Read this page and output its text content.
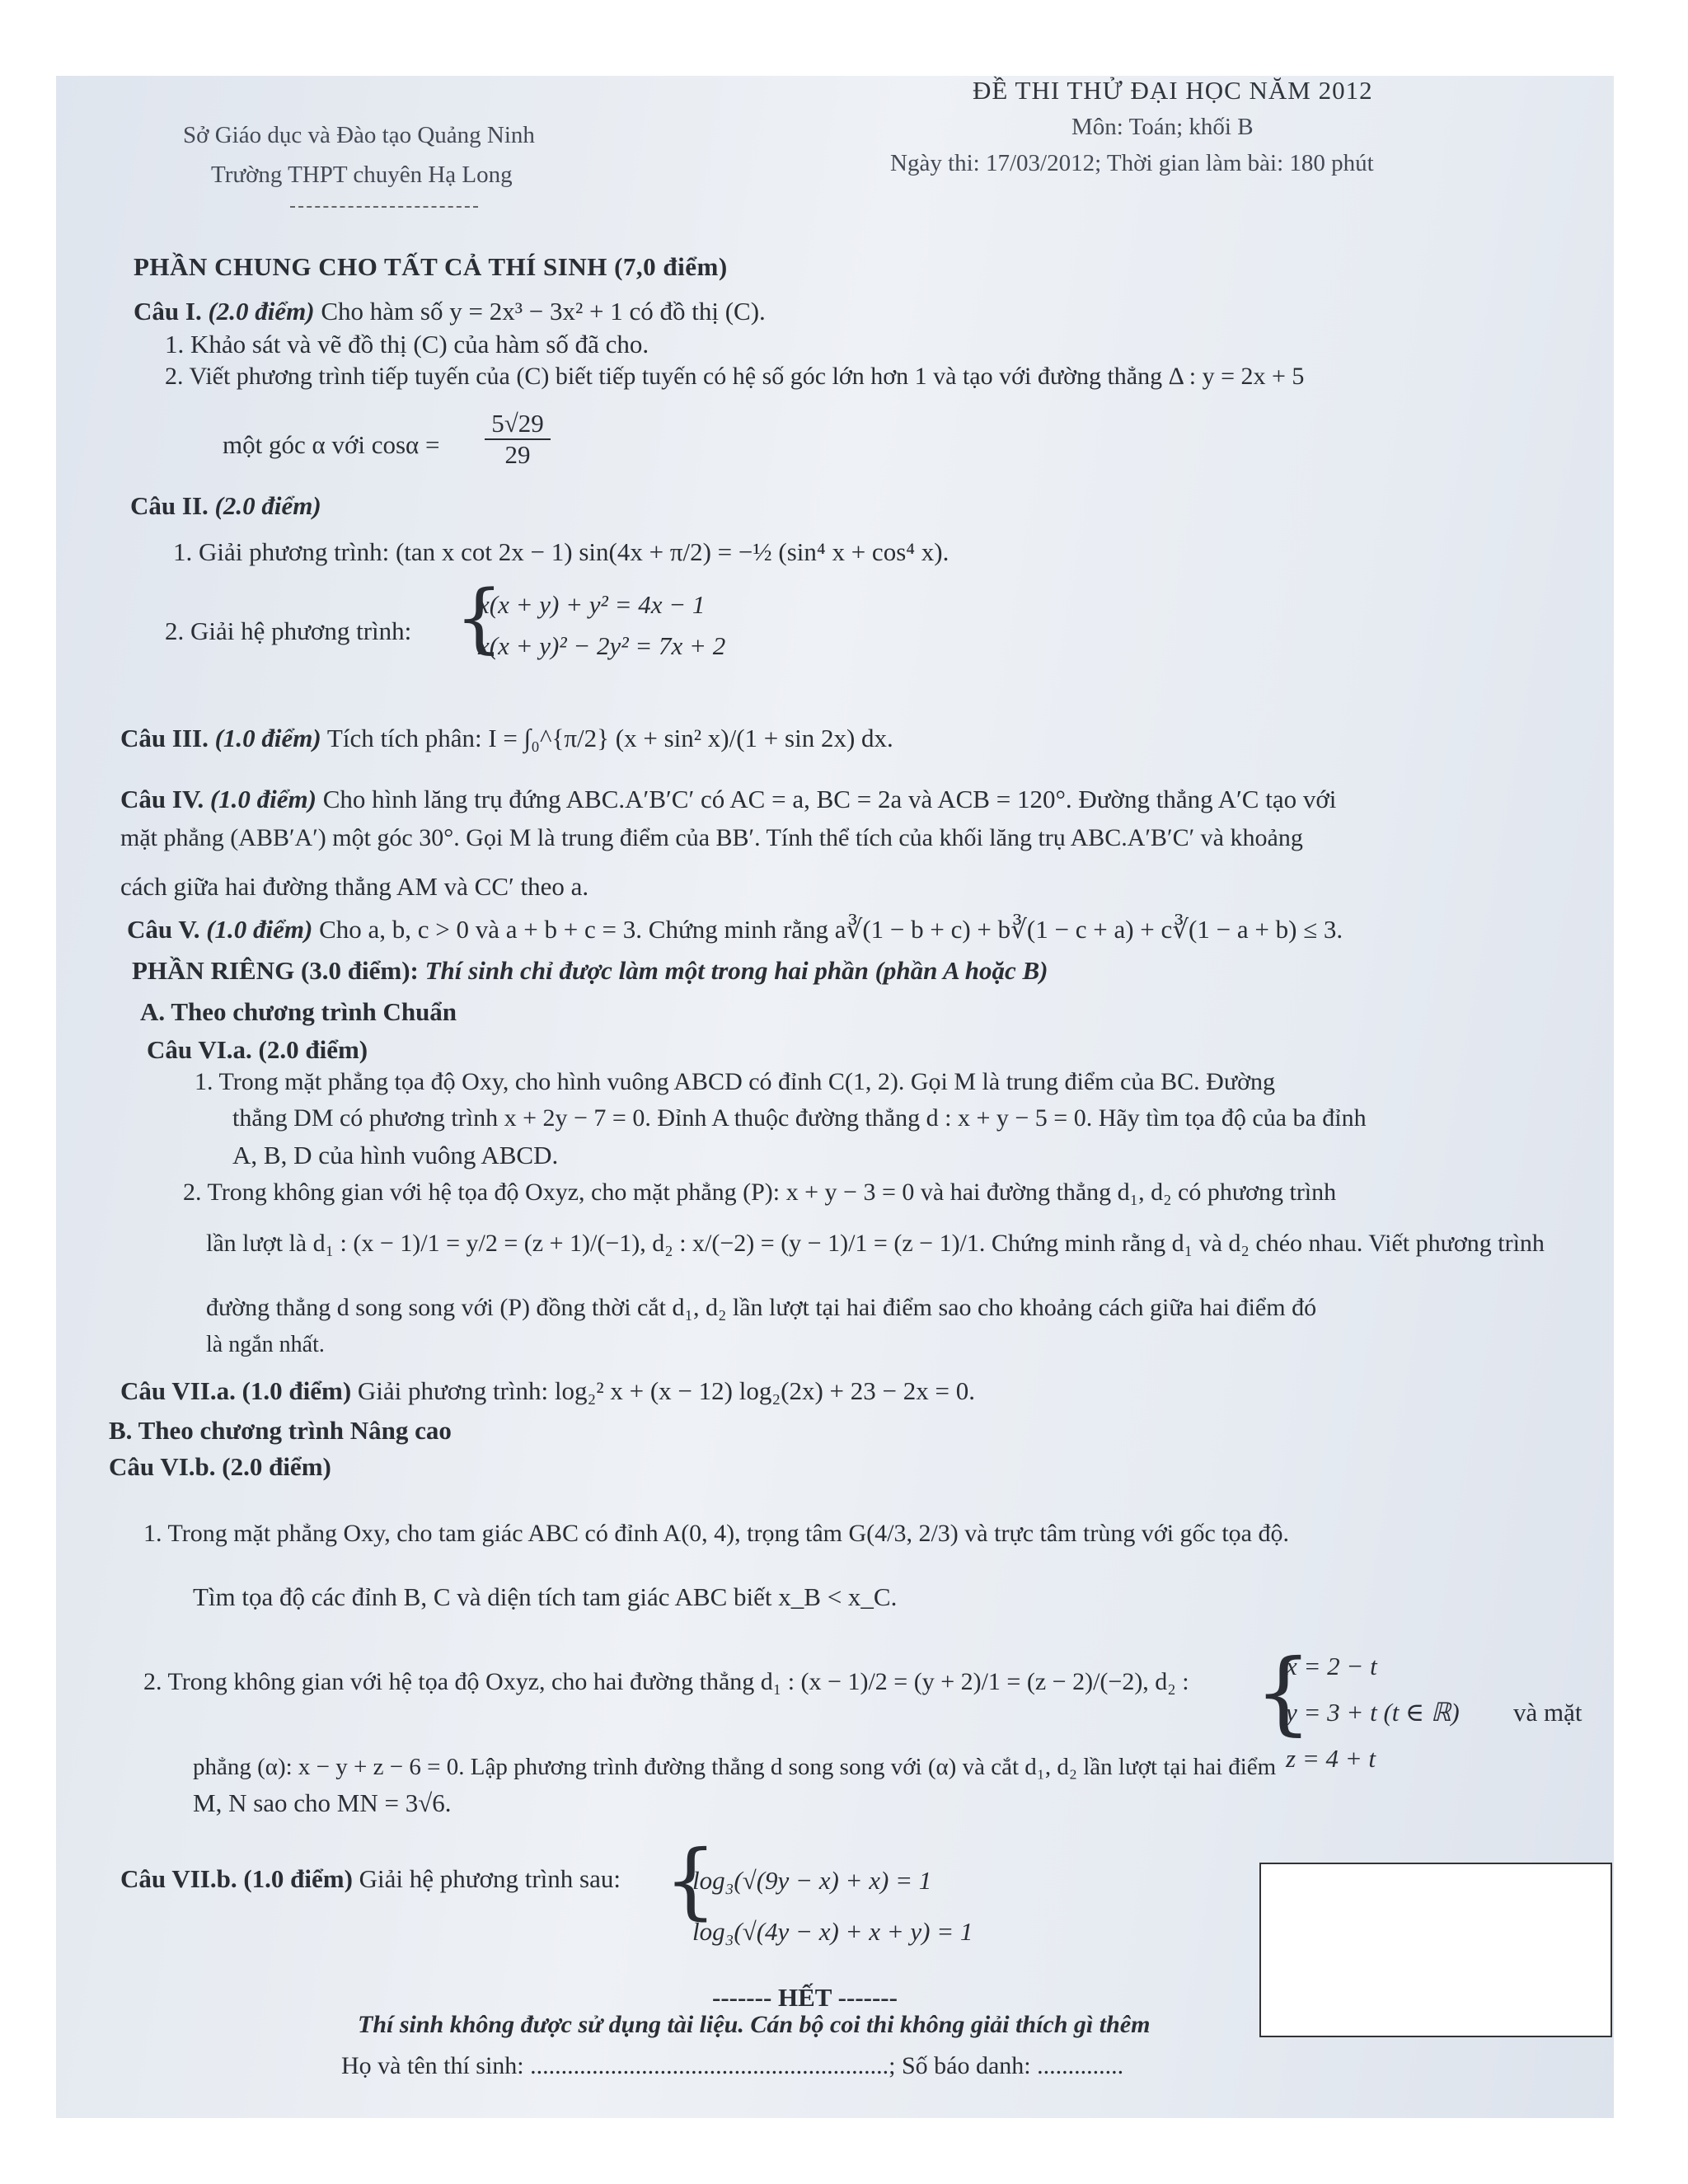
Sở Giáo dục và Đào tạo Quảng Ninh
Trường THPT chuyên Hạ Long
ĐỀ THI THỬ ĐẠI HỌC NĂM 2012
Môn: Toán; khối B
Ngày thi: 17/03/2012; Thời gian làm bài: 180 phút
PHẦN CHUNG CHO TẤT CẢ THÍ SINH (7,0 điểm)
Câu I. (2.0 điểm) Cho hàm số y = 2x³ − 3x² + 1 có đồ thị (C).
1. Khảo sát và vẽ đồ thị (C) của hàm số đã cho.
2. Viết phương trình tiếp tuyến của (C) biết tiếp tuyến có hệ số góc lớn hơn 1 và tạo với đường thẳng Δ : y = 2x + 5
một góc α với $\cos\alpha = \frac{5√29}{29}$
Câu II. (2.0 điểm)
1. Giải phương trình: (tan x cot 2x − 1) sin(4x + π/2) = −½ (sin⁴ x + cos⁴ x).
2. Giải hệ phương trình: {
x(x + y) + y² = 4x − 1
x(x + y)² − 2y² = 7x + 2
Câu III. (1.0 điểm) Tích tích phân: I = ∫₀^{π/2} (x + sin² x)/(1 + sin 2x) dx.
Câu IV. (1.0 điểm) Cho hình lăng trụ đứng ABC.A′B′C′ có AC = a, BC = 2a và ACB = 120°. Đường thẳng A′C tạo với
mặt phẳng (ABB′A′) một góc 30°. Gọi M là trung điểm của BB′. Tính thể tích của khối lăng trụ ABC.A′B′C′ và khoảng
cách giữa hai đường thẳng AM và CC′ theo a.
Câu V. (1.0 điểm) Cho a, b, c > 0 và a + b + c = 3. Chứng minh rằng a∛(1 − b + c) + b∛(1 − c + a) + c∛(1 − a + b) ≤ 3.
PHẦN RIÊNG (3.0 điểm): Thí sinh chỉ được làm một trong hai phần (phần A hoặc B)
A. Theo chương trình Chuẩn
Câu VI.a. (2.0 điểm)
1. Trong mặt phẳng tọa độ Oxy, cho hình vuông ABCD có đỉnh C(1, 2). Gọi M là trung điểm của BC. Đường
thẳng DM có phương trình x + 2y − 7 = 0. Đỉnh A thuộc đường thẳng d : x + y − 5 = 0. Hãy tìm tọa độ của ba đỉnh
A, B, D của hình vuông ABCD.
2. Trong không gian với hệ tọa độ Oxyz, cho mặt phẳng (P): x + y − 3 = 0 và hai đường thẳng d₁, d₂ có phương trình
lần lượt là d₁ : (x − 1)/1 = y/2 = (z + 1)/(−1), d₂ : x/(−2) = (y − 1)/1 = (z − 1)/1. Chứng minh rằng d₁ và d₂ chéo nhau. Viết phương trình
đường thẳng d song song với (P) đồng thời cắt d₁, d₂ lần lượt tại hai điểm sao cho khoảng cách giữa hai điểm đó
là ngắn nhất.
Câu VII.a. (1.0 điểm) Giải phương trình: log₂² x + (x − 12) log₂(2x) + 23 − 2x = 0.
B. Theo chương trình Nâng cao
Câu VI.b. (2.0 điểm)
1. Trong mặt phẳng Oxy, cho tam giác ABC có đỉnh A(0, 4), trọng tâm G(4/3, 2/3) và trực tâm trùng với gốc tọa độ.
Tìm tọa độ các đỉnh B, C và diện tích tam giác ABC biết x_B < x_C.
2. Trong không gian với hệ tọa độ Oxyz, cho hai đường thẳng d₁ : (x − 1)/2 = (y + 2)/1 = (z − 2)/(−2), d₂ : {
x = 2 − t
y = 3 + t (t ∈ ℝ)
z = 4 + t
và mặt
phẳng (α): x − y + z − 6 = 0. Lập phương trình đường thẳng d song song với (α) và cắt d₁, d₂ lần lượt tại hai điểm
M, N sao cho MN = 3√6.
Câu VII.b. (1.0 điểm) Giải hệ phương trình sau: {
log₃(√(9y − x) + x) = 1
log₃(√(4y − x) + x + y) = 1
------- HẾT -------
Thí sinh không được sử dụng tài liệu. Cán bộ coi thi không giải thích gì thêm
Họ và tên thí sinh: ..........................................................; Số báo danh: ..............
